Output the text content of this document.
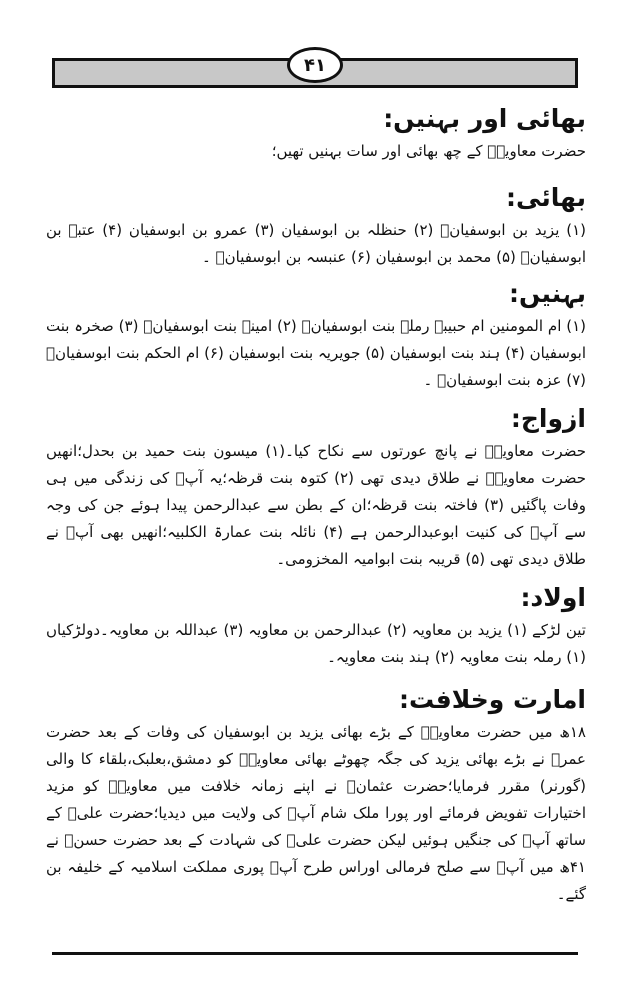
۴۱
بھائی اور بہنیں:

حضرت معاویہؓ کے چھ بھائی اور سات بہنیں تھیں؛

بھائی:

(۱) یزید بن ابوسفیانؓ (۲) حنظلہ بن ابوسفیان (۳) عمرو بن ابوسفیان (۴) عتبہ بن ابوسفیانؓ (۵) محمد بن ابوسفیان (۶) عنبسہ بن ابوسفیانؓ ۔

بہنیں:

(۱) ام المومنین ام حبیبہ رملہ بنت ابوسفیانؓ (۲) امینہ بنت ابوسفیانؓ (۳) صخرہ بنت ابوسفیان (۴) ہند بنت ابوسفیان (۵) جویریہ بنت ابوسفیان (۶) ام الحکم بنت ابوسفیانؓ (۷) عزہ بنت ابوسفیانؓ ۔

ازواج:

حضرت معاویہؓ نے پانچ عورتوں سے نکاح کیا۔(۱) میسون بنت حمید بن بحدل؛انھیں حضرت معاویہؓ نے طلاق دیدی تھی (۲) کتوہ بنت قرظہ؛یہ آپؓ کی زندگی میں ہی وفات پاگئیں (۳) فاختہ بنت قرظہ؛ان کے بطن سے عبدالرحمن پیدا ہوئے جن کی وجہ سے آپؓ کی کنیت ابوعبدالرحمن ہے (۴) نائلہ بنت عمارۃ الکلبیہ؛انھیں بھی آپؓ نے طلاق دیدی تھی (۵) قریبہ بنت ابوامیہ المخزومی۔

اولاد:

تین لڑکے (۱) یزید بن معاویہ (۲) عبدالرحمن بن معاویہ (۳) عبداللہ بن معاویہ۔دولڑکیاں (۱) رملہ بنت معاویہ (۲) ہند بنت معاویہ۔

امارت وخلافت:

۱۸ھ میں حضرت معاویہؓ کے بڑے بھائی یزید بن ابوسفیان کی وفات کے بعد حضرت عمرؓ نے بڑے بھائی یزید کی جگہ چھوٹے بھائی معاویہؓ کو دمشق،بعلبک،بلقاء کا والی (گورنر) مقرر فرمایا؛حضرت عثمانؓ نے اپنے زمانہ خلافت میں معاویہؓ کو مزید اختیارات تفویض فرمائے اور پورا ملک شام آپؓ کی ولایت میں دیدیا؛حضرت علیؓ کے ساتھ آپؓ کی جنگیں ہوئیں لیکن حضرت علیؓ کی شہادت کے بعد حضرت حسنؓ نے ۴۱ھ میں آپؓ سے صلح فرمالی اوراس طرح آپؓ پوری مملکت اسلامیہ کے خلیفہ بن گئے۔
